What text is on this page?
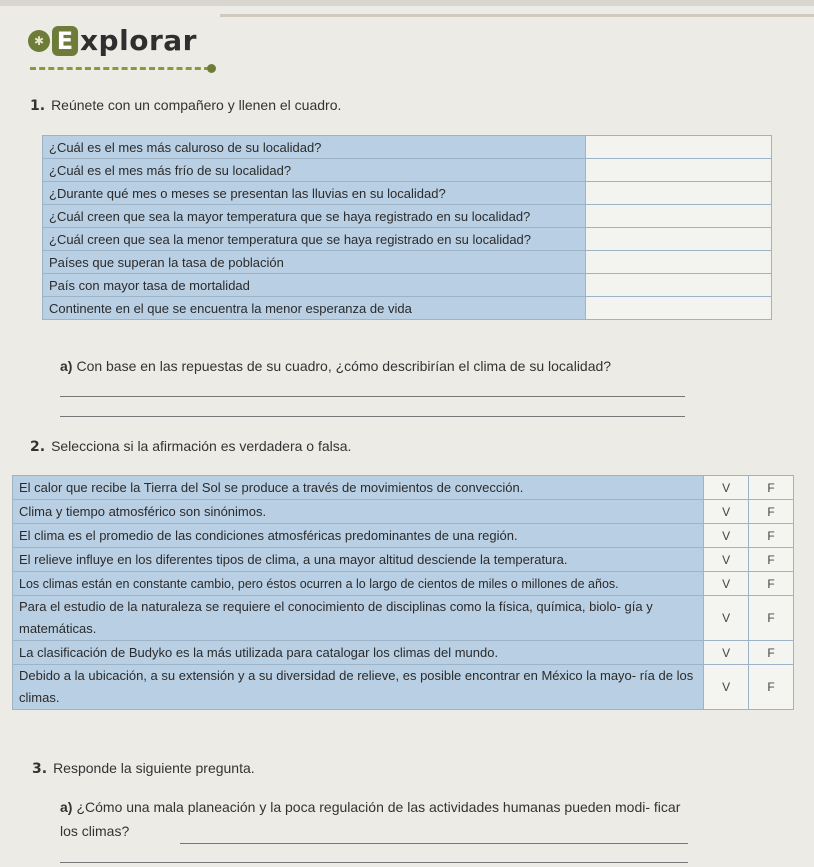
✱ E xplorar
1. Reúnete con un compañero y llenen el cuadro.
¿Cuál es el mes más caluroso de su localidad?	
¿Cuál es el mes más frío de su localidad?	
¿Durante qué mes o meses se presentan las lluvias en su localidad?	
¿Cuál creen que sea la mayor temperatura que se haya registrado en su localidad?	
¿Cuál creen que sea la menor temperatura que se haya registrado en su localidad?	
Países que superan la tasa de población	
País con mayor tasa de mortalidad	
Continente en el que se encuentra la menor esperanza de vida	
a) Con base en las repuestas de su cuadro, ¿cómo describirían el clima de su localidad?
2. Selecciona si la afirmación es verdadera o falsa.
El calor que recibe la Tierra del Sol se produce a través de movimientos de convección.	V	F
Clima y tiempo atmosférico son sinónimos.	V	F
El clima es el promedio de las condiciones atmosféricas predominantes de una región.	V	F
El relieve influye en los diferentes tipos de clima, a una mayor altitud desciende la temperatura.	V	F
Los climas están en constante cambio, pero éstos ocurren a lo largo de cientos de miles o millones de años.	V	F
Para el estudio de la naturaleza se requiere el conocimiento de disciplinas como la física, química, biolo- gía y matemáticas.	V	F
La clasificación de Budyko es la más utilizada para catalogar los climas del mundo.	V	F
Debido a la ubicación, a su extensión y a su diversidad de relieve, es posible encontrar en México la mayo- ría de los climas.	V	F
3. Responde la siguiente pregunta.
a) ¿Cómo una mala planeación y la poca regulación de las actividades humanas pueden modi- ficar los climas?
